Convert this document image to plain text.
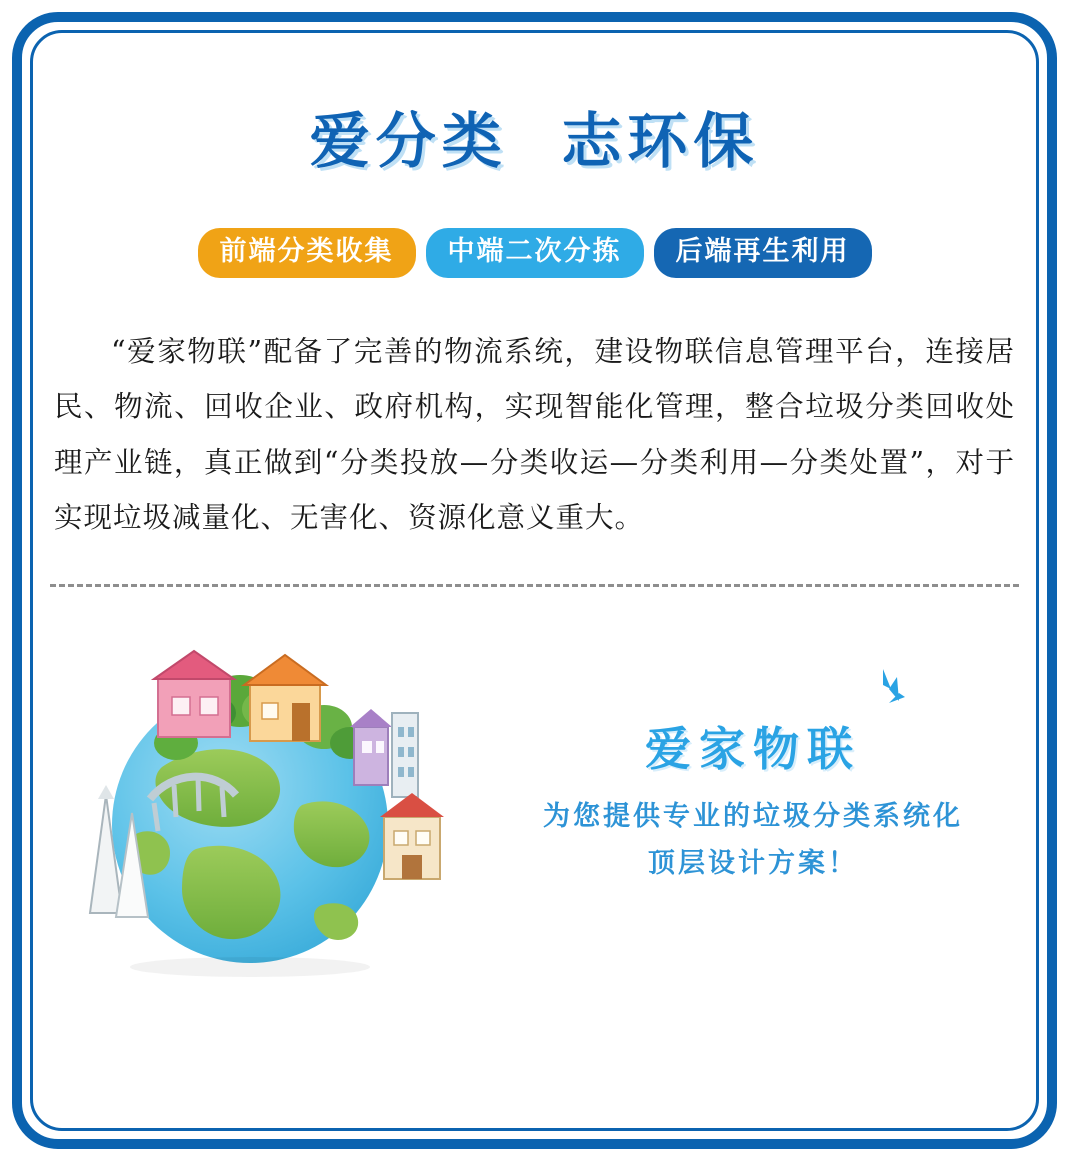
爱分类  志环保
前端分类收集	中端二次分拣	后端再生利用

“爱家物联”配备了完善的物流系统，建设物联信息管理平台，连接居民、物流、回收企业、政府机构，实现智能化管理，整合垃圾分类回收处理产业链，真正做到“分类投放—分类收运—分类利用—分类处置”，对于实现垃圾减量化、无害化、资源化意义重大。

爱家物联
为您提供专业的垃圾分类系统化
顶层设计方案！
